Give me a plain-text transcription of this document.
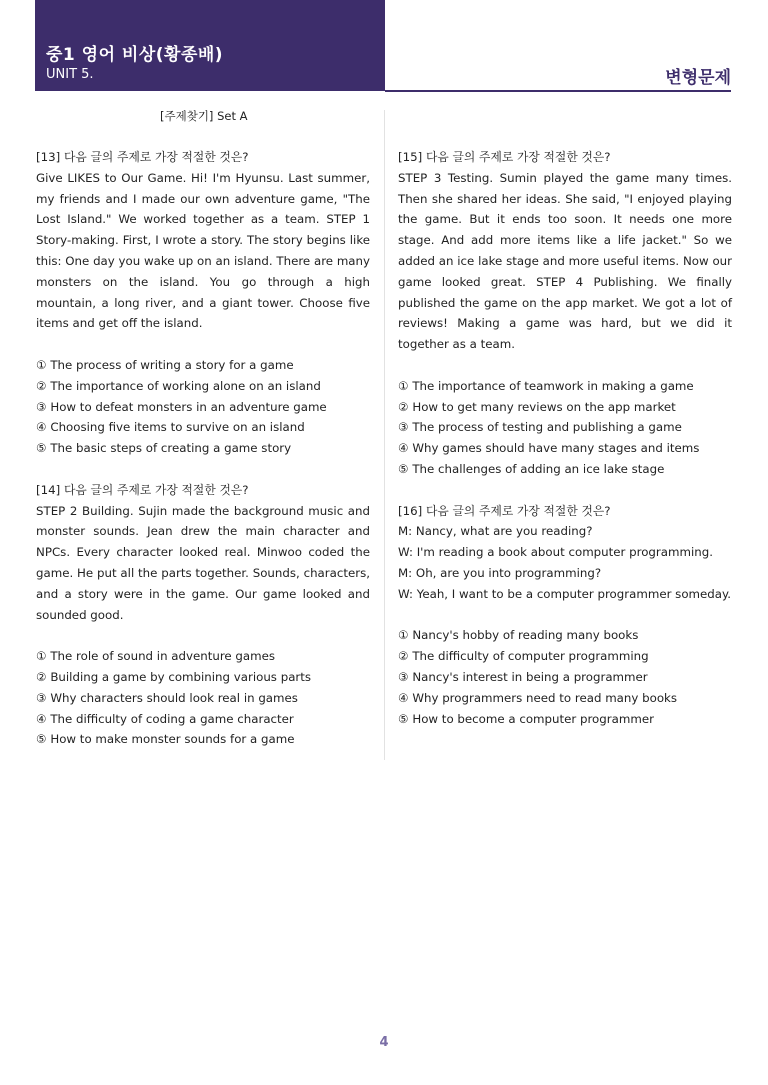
중1 영어 비상(황종배)
UNIT 5.	변형문제
[주제찾기] Set A
[13] 다음 글의 주제로 가장 적절한 것은?
Give LIKES to Our Game. Hi! I'm Hyunsu. Last summer, my friends and I made our own adventure game, "The Lost Island." We worked together as a team. STEP 1 Story-making. First, I wrote a story. The story begins like this: One day you wake up on an island. There are many monsters on the island. You go through a high mountain, a long river, and a giant tower. Choose five items and get off the island.
① The process of writing a story for a game
② The importance of working alone on an island
③ How to defeat monsters in an adventure game
④ Choosing five items to survive on an island
⑤ The basic steps of creating a game story
[14] 다음 글의 주제로 가장 적절한 것은?
STEP 2 Building. Sujin made the background music and monster sounds. Jean drew the main character and NPCs. Every character looked real. Minwoo coded the game. He put all the parts together. Sounds, characters, and a story were in the game. Our game looked and sounded good.
① The role of sound in adventure games
② Building a game by combining various parts
③ Why characters should look real in games
④ The difficulty of coding a game character
⑤ How to make monster sounds for a game
[15] 다음 글의 주제로 가장 적절한 것은?
STEP 3 Testing. Sumin played the game many times. Then she shared her ideas. She said, "I enjoyed playing the game. But it ends too soon. It needs one more stage. And add more items like a life jacket." So we added an ice lake stage and more useful items. Now our game looked great. STEP 4 Publishing. We finally published the game on the app market. We got a lot of reviews! Making a game was hard, but we did it together as a team.
① The importance of teamwork in making a game
② How to get many reviews on the app market
③ The process of testing and publishing a game
④ Why games should have many stages and items
⑤ The challenges of adding an ice lake stage
[16] 다음 글의 주제로 가장 적절한 것은?
M: Nancy, what are you reading?
W: I'm reading a book about computer programming.
M: Oh, are you into programming?
W: Yeah, I want to be a computer programmer someday.
① Nancy's hobby of reading many books
② The difficulty of computer programming
③ Nancy's interest in being a programmer
④ Why programmers need to read many books
⑤ How to become a computer programmer
4
